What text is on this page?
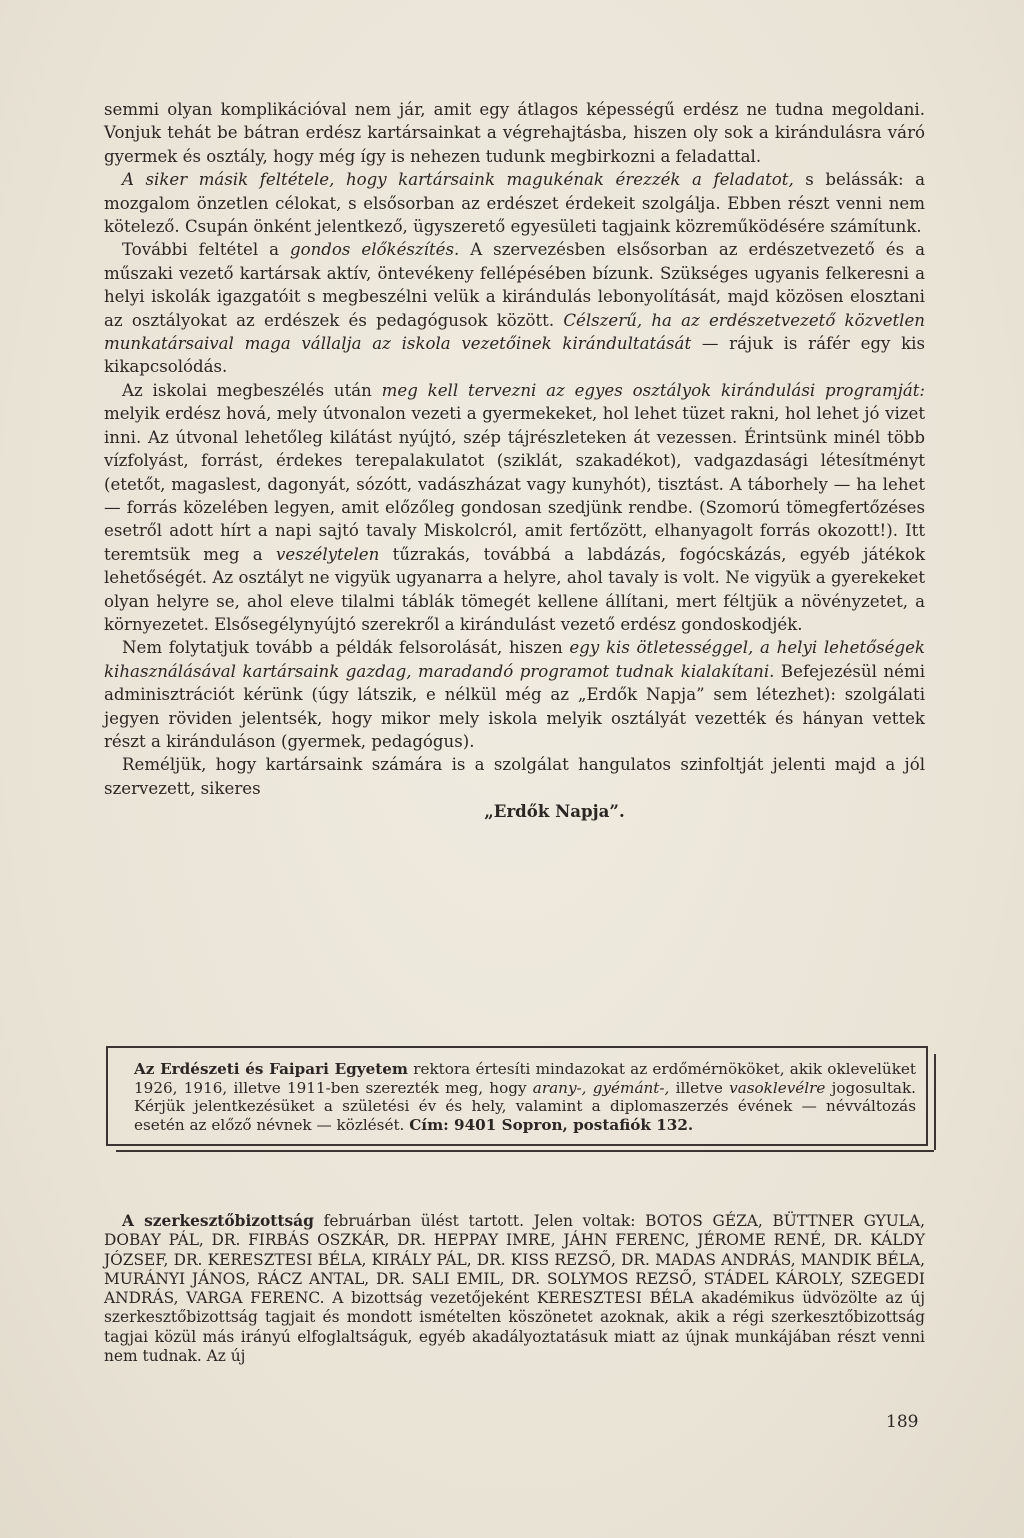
semmi olyan komplikációval nem jár, amit egy átlagos képességű erdész ne tudna megoldani. Vonjuk tehát be bátran erdész kartársainkat a végrehajtásba, hiszen oly sok a kirándulásra váró gyermek és osztály, hogy még így is nehezen tudunk megbirkozni a feladattal.

A siker másik feltétele, hogy kartársaink magukénak érezzék a feladatot, s belássák: a mozgalom önzetlen célokat, s elsősorban az erdészet érdekeit szolgálja. Ebben részt venni nem kötelező. Csupán önként jelentkező, ügyszerető egyesületi tagjaink közreműködésére számítunk.

További feltétel a gondos előkészítés. A szervezésben elsősorban az erdészetvezető és a műszaki vezető kartársak aktív, öntevékeny fellépésében bízunk. Szükséges ugyanis felkeresni a helyi iskolák igazgatóit s megbeszélni velük a kirándulás lebonyolítását, majd közösen elosztani az osztályokat az erdészek és pedagógusok között. Célszerű, ha az erdészetvezető közvetlen munkatársaival maga vállalja az iskola vezetőinek kirándultatását — rájuk is ráfér egy kis kikapcsolódás.

Az iskolai megbeszélés után meg kell tervezni az egyes osztályok kirándulási programját: melyik erdész hová, mely útvonalon vezeti a gyermekeket, hol lehet tüzet rakni, hol lehet jó vizet inni. Az útvonal lehetőleg kilátást nyújtó, szép tájrészleteken át vezessen. Érintsünk minél több vízfolyást, forrást, érdekes terepalakulatot (sziklát, szakadékot), vadgazdasági létesítményt (etetőt, magaslest, dagonyát, sózótt, vadászházat vagy kunyhót), tisztást. A táborhely — ha lehet — forrás közelében legyen, amit előzőleg gondosan szedjünk rendbe. (Szomorú tömegfertőzéses esetről adott hírt a napi sajtó tavaly Miskolcról, amit fertőzött, elhanyagolt forrás okozott!). Itt teremtsük meg a veszélytelen tűzrakás, továbbá a labdázás, fogócskázás, egyéb játékok lehetőségét. Az osztályt ne vigyük ugyanarra a helyre, ahol tavaly is volt. Ne vigyük a gyerekeket olyan helyre se, ahol eleve tilalmi táblák tömegét kellene állítani, mert féltjük a növényzetet, a környezetet. Elsősegélynyújtó szerekről a kirándulást vezető erdész gondoskodjék.

Nem folytatjuk tovább a példák felsorolását, hiszen egy kis ötletességgel, a helyi lehetőségek kihasználásával kartársaink gazdag, maradandó programot tudnak kialakítani. Befejezésül némi adminisztrációt kérünk (úgy látszik, e nélkül még az „Erdők Napja” sem létezhet): szolgálati jegyen röviden jelentsék, hogy mikor mely iskola melyik osztályát vezették és hányan vettek részt a kiránduláson (gyermek, pedagógus).

Reméljük, hogy kartársaink számára is a szolgálat hangulatos szinfoltját jelenti majd a jól szervezett, sikeres

„Erdők Napja”.

Az Erdészeti és Faipari Egyetem rektora értesíti mindazokat az erdőmérnököket, akik oklevelüket 1926, 1916, illetve 1911-ben szerezték meg, hogy arany-, gyémánt-, illetve vasoklevélre jogosultak. Kérjük jelentkezésüket a születési év és hely, valamint a diplomaszerzés évének — névváltozás esetén az előző névnek — közlését. Cím: 9401 Sopron, postafiók 132.

A szerkesztőbizottság februárban ülést tartott. Jelen voltak: BOTOS GÉZA, BÜTTNER GYULA, DOBAY PÁL, DR. FIRBÁS OSZKÁR, DR. HEPPAY IMRE, JÁHN FERENC, JÉROME RENÉ, DR. KÁLDY JÓZSEF, DR. KERESZTESI BÉLA, KIRÁLY PÁL, DR. KISS REZSŐ, DR. MADAS ANDRÁS, MANDIK BÉLA, MURÁNYI JÁNOS, RÁCZ ANTAL, DR. SALI EMIL, DR. SOLYMOS REZSŐ, STÁDEL KÁROLY, SZEGEDI ANDRÁS, VARGA FERENC. A bizottság vezetőjeként KERESZTESI BÉLA akadémikus üdvözölte az új szerkesztőbizottság tagjait és mondott ismételten köszönetet azoknak, akik a régi szerkesztőbizottság tagjai közül más irányú elfoglaltságuk, egyéb akadályoztatásuk miatt az újnak munkájában részt venni nem tudnak. Az új

189
